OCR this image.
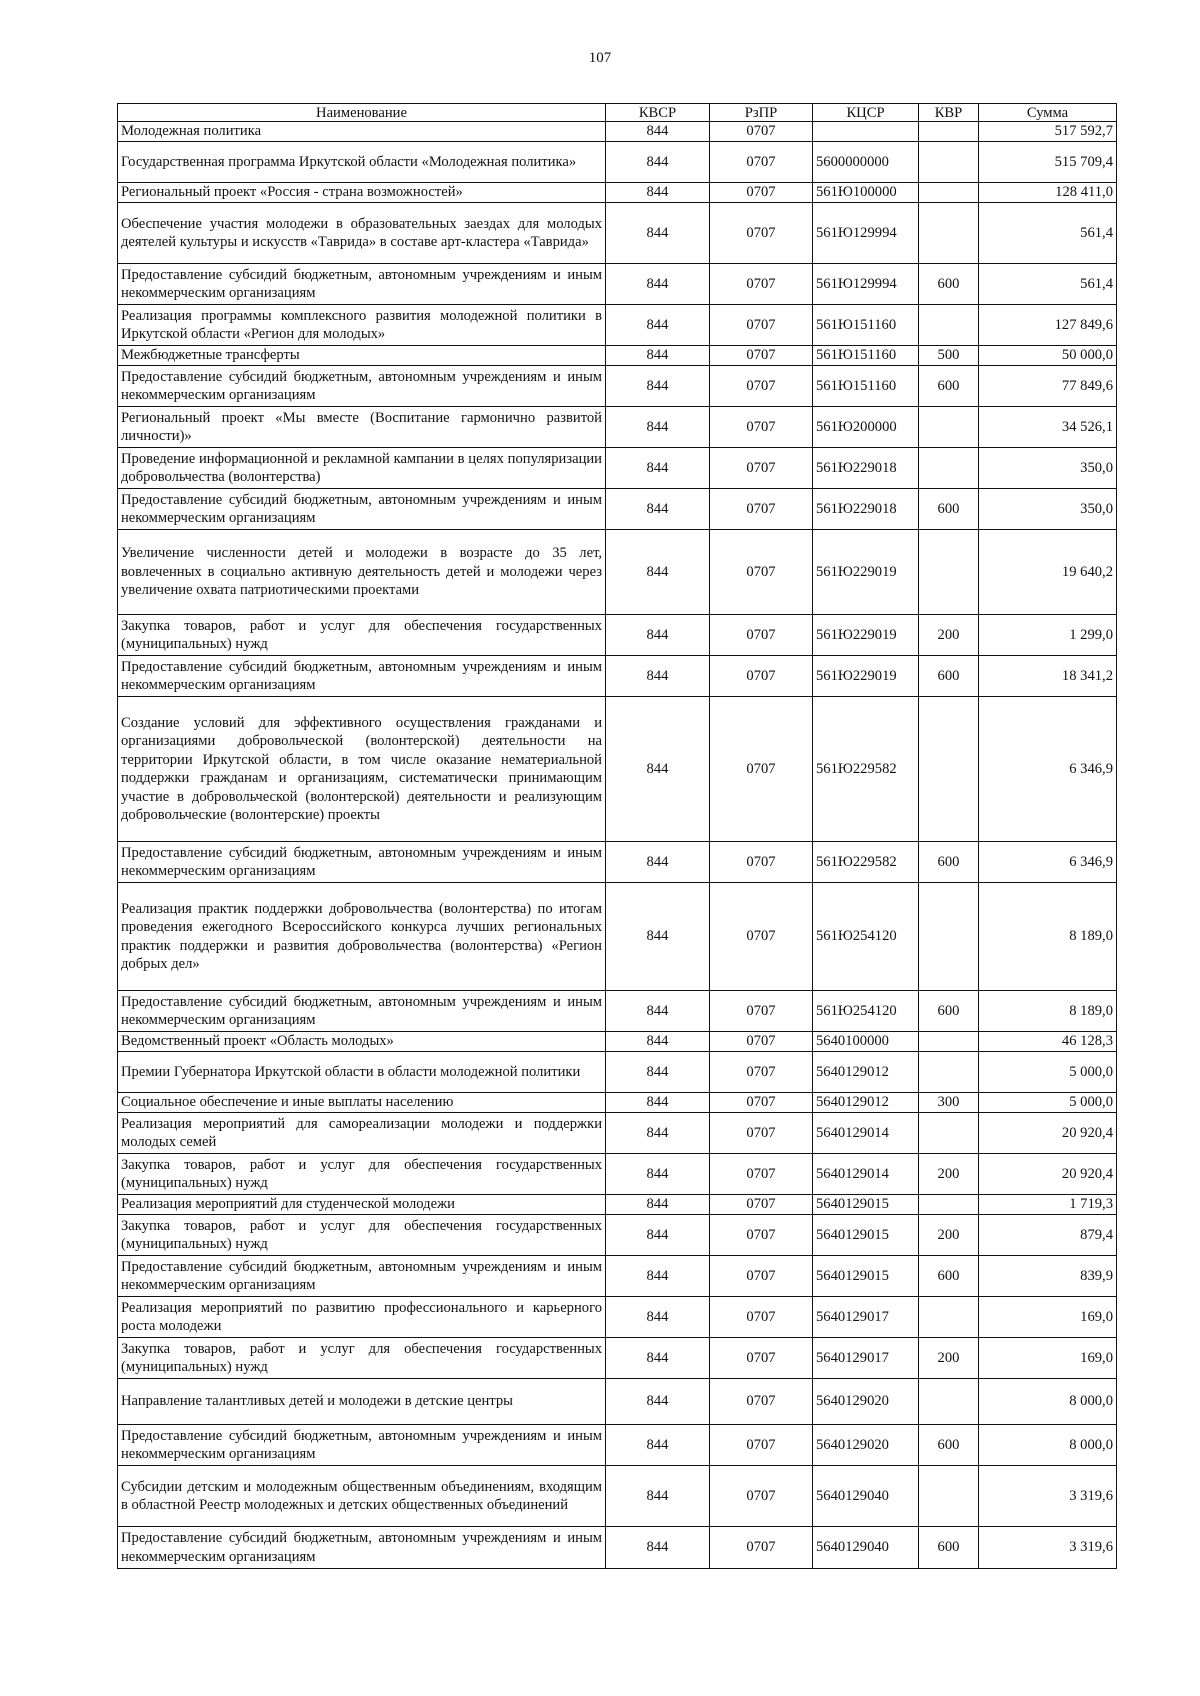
107
Наименование	КВСР	РзПР	КЦСР	КВР	Сумма
Молодежная политика	844	0707			517 592,7
Государственная программа Иркутской области «Молодежная политика»	844	0707	5600000000		515 709,4
Региональный проект «Россия - страна возможностей»	844	0707	561Ю100000		128 411,0
Обеспечение участия молодежи в образовательных заездах для молодых деятелей культуры и искусств «Таврида» в составе арт-кластера «Таврида»	844	0707	561Ю129994		561,4
Предоставление субсидий бюджетным, автономным учреждениям и иным некоммерческим организациям	844	0707	561Ю129994	600	561,4
Реализация программы комплексного развития молодежной политики в Иркутской области «Регион для молодых»	844	0707	561Ю151160		127 849,6
Межбюджетные трансферты	844	0707	561Ю151160	500	50 000,0
Предоставление субсидий бюджетным, автономным учреждениям и иным некоммерческим организациям	844	0707	561Ю151160	600	77 849,6
Региональный проект «Мы вместе (Воспитание гармонично развитой личности)»	844	0707	561Ю200000		34 526,1
Проведение информационной и рекламной кампании в целях популяризации добровольчества (волонтерства)	844	0707	561Ю229018		350,0
Предоставление субсидий бюджетным, автономным учреждениям и иным некоммерческим организациям	844	0707	561Ю229018	600	350,0
Увеличение численности детей и молодежи в возрасте до 35 лет, вовлеченных в социально активную деятельность детей и молодежи через увеличение охвата патриотическими проектами	844	0707	561Ю229019		19 640,2
Закупка товаров, работ и услуг для обеспечения государственных (муниципальных) нужд	844	0707	561Ю229019	200	1 299,0
Предоставление субсидий бюджетным, автономным учреждениям и иным некоммерческим организациям	844	0707	561Ю229019	600	18 341,2
Создание условий для эффективного осуществления гражданами и организациями добровольческой (волонтерской) деятельности на территории Иркутской области, в том числе оказание нематериальной поддержки гражданам и организациям, систематически принимающим участие в добровольческой (волонтерской) деятельности и реализующим добровольческие (волонтерские) проекты	844	0707	561Ю229582		6 346,9
Предоставление субсидий бюджетным, автономным учреждениям и иным некоммерческим организациям	844	0707	561Ю229582	600	6 346,9
Реализация практик поддержки добровольчества (волонтерства) по итогам проведения ежегодного Всероссийского конкурса лучших региональных практик поддержки и развития добровольчества (волонтерства) «Регион добрых дел»	844	0707	561Ю254120		8 189,0
Предоставление субсидий бюджетным, автономным учреждениям и иным некоммерческим организациям	844	0707	561Ю254120	600	8 189,0
Ведомственный проект «Область молодых»	844	0707	5640100000		46 128,3
Премии Губернатора Иркутской области в области молодежной политики	844	0707	5640129012		5 000,0
Социальное обеспечение и иные выплаты населению	844	0707	5640129012	300	5 000,0
Реализация мероприятий для самореализации молодежи и поддержки молодых семей	844	0707	5640129014		20 920,4
Закупка товаров, работ и услуг для обеспечения государственных (муниципальных) нужд	844	0707	5640129014	200	20 920,4
Реализация мероприятий для студенческой молодежи	844	0707	5640129015		1 719,3
Закупка товаров, работ и услуг для обеспечения государственных (муниципальных) нужд	844	0707	5640129015	200	879,4
Предоставление субсидий бюджетным, автономным учреждениям и иным некоммерческим организациям	844	0707	5640129015	600	839,9
Реализация мероприятий по развитию профессионального и карьерного роста молодежи	844	0707	5640129017		169,0
Закупка товаров, работ и услуг для обеспечения государственных (муниципальных) нужд	844	0707	5640129017	200	169,0
Направление талантливых детей и молодежи в детские центры	844	0707	5640129020		8 000,0
Предоставление субсидий бюджетным, автономным учреждениям и иным некоммерческим организациям	844	0707	5640129020	600	8 000,0
Субсидии детским и молодежным общественным объединениям, входящим в областной Реестр молодежных и детских общественных объединений	844	0707	5640129040		3 319,6
Предоставление субсидий бюджетным, автономным учреждениям и иным некоммерческим организациям	844	0707	5640129040	600	3 319,6
